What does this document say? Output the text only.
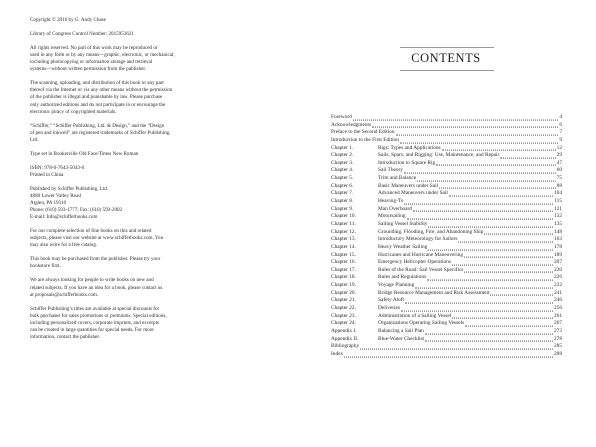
Copyright © 2016 by G. Andy Chase

Library of Congress Control Number: 2015953621

All rights reserved. No part of this work may be reproduced or
used in any form or by any means—graphic, electronic, or mechanical,
including photocopying or information storage and retrieval
systems—without written permission from the publisher.

The scanning, uploading, and distribution of this book or any part
thereof via the Internet or via any other means without the permission
of the publisher is illegal and punishable by law. Please purchase
only authorized editions and do not participate in or encourage the
electronic piracy of copyrighted materials.

“Schiffer,” “Schiffer Publishing, Ltd. & Design,” and the “Design
of pen and inkwell” are registered trademarks of Schiffer Publishing,
Ltd.

Type set in Bookerville Old Face/Times New Roman

ISBN: 978-0-7643-5043-0
Printed in China

Published by Schiffer Publishing, Ltd.
4880 Lower Valley Road
Atglen, PA 19310
Phone: (610) 593-1777; Fax: (610) 593-2002
E-mail: Info@schifferbooks.com

For our complete selection of fine books on this and related
subjects, please visit our website at www.schifferbooks.com. You
may also write for a free catalog.

This book may be purchased from the publisher. Please try your
bookstore first.

We are always looking for people to write books on new and
related subjects. If you have an idea for a book, please contact us
at proposals@schifferbooks.com.

Schiffer Publishing’s titles are available at special discounts for
bulk purchases for sales promotions or premiums. Special editions,
including personalized covers, corporate imprints, and excerpts
can be created in large quantities for special needs. For more
information, contact the publisher.

CONTENTS
Foreword	4
Acknowledgments	6
Preface to the Second Edition	7
Introduction to the First Edition	9
Chapter 1.	Rigs: Types and Applications	12
Chapter 2.	Sails, Spars, and Rigging: Use, Maintenance, and Repair	29
Chapter 3.	Introduction to Square Rig	47
Chapter 4.	Sail Theory	60
Chapter 5.	Trim and Balance	75
Chapter 6.	Basic Maneuvers under Sail	88
Chapter 7.	Advanced Maneuvers under Sail	104
Chapter 8.	Heaving-To	115
Chapter 9.	Man Overboard	121
Chapter 10.	Motorsailing	132
Chapter 11.	Sailing Vessel Stability	135
Chapter 12.	Grounding, Flooding, Fire, and Abandoning Ship	148
Chapter 13.	Introductory Meteorology for Sailors	163
Chapter 14.	Heavy Weather Sailing	178
Chapter 15.	Hurricanes and Hurricane Maneuvering	189
Chapter 16.	Emergency Helicopter Operations	207
Chapter 17.	Rules of the Road: Sail Vessel Specifics	220
Chapter 18.	Rules and Regulations	226
Chapter 19.	Voyage Planning	232
Chapter 20.	Bridge Resource Management and Risk Assessment	241
Chapter 21.	Safety Aloft	246
Chapter 22.	Deliveries	256
Chapter 23.	Administration of a Sailing Vessel	261
Chapter 24.	Organizations Operating Sailing Vessels	267
Appendix I.	Balancing a Sail Plan	273
Appendix II.	Blue-Water Checklist	278
Bibliography	285
Index	288
